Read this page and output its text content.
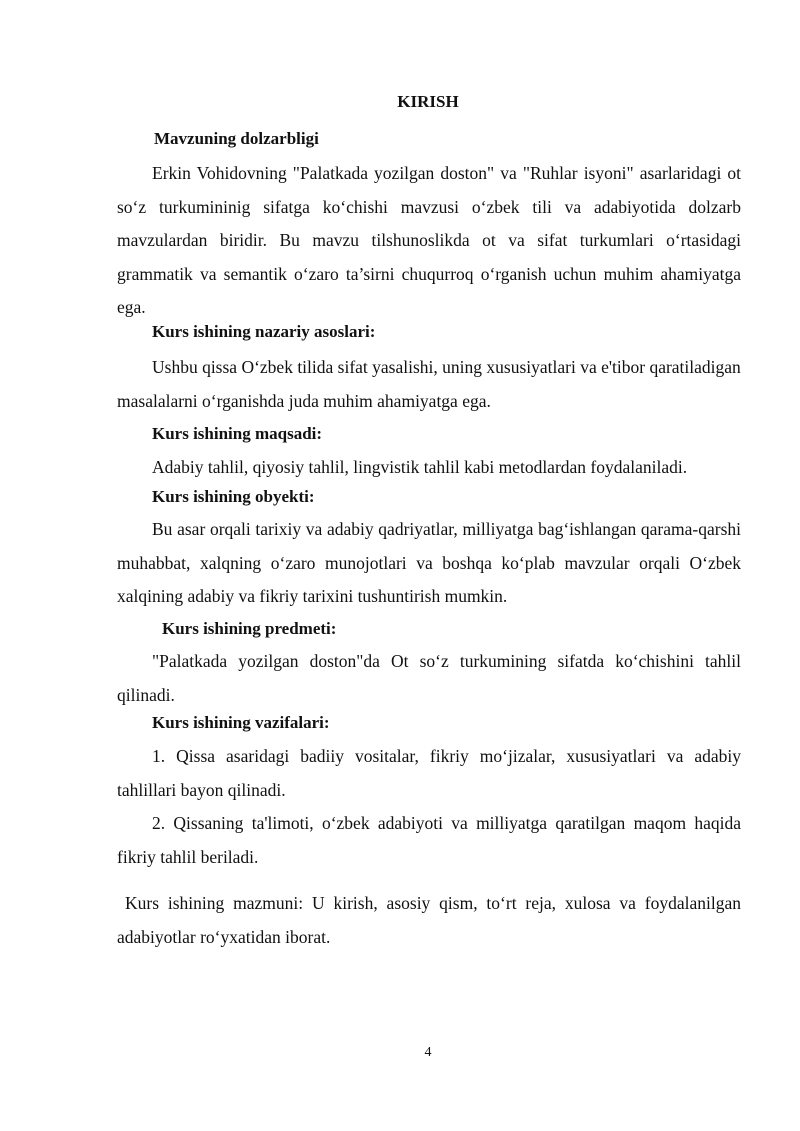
KIRISH
Mavzuning dolzarbligi

Erkin Vohidovning "Palatkada yozilgan doston" va "Ruhlar isyoni" asarlaridagi ot so‘z turkumininig sifatga ko‘chishi mavzusi o‘zbek tili va adabiyotida dolzarb mavzulardan biridir. Bu mavzu tilshunoslikda ot va sifat turkumlari o‘rtasidagi grammatik va semantik o‘zaro ta’sirni chuqurroq o‘rganish uchun muhim ahamiyatga ega.

Kurs ishining nazariy asoslari:

Ushbu qissa O‘zbek tilida sifat yasalishi, uning xususiyatlari va e'tibor qaratiladigan masalalarni o‘rganishda juda muhim ahamiyatga ega.

Kurs ishining maqsadi:

Adabiy tahlil, qiyosiy tahlil, lingvistik tahlil kabi metodlardan foydalaniladi.

Kurs ishining obyekti:

Bu asar orqali tarixiy va adabiy qadriyatlar, milliyatga bag‘ishlangan qarama-qarshi muhabbat, xalqning o‘zaro munojotlari va boshqa ko‘plab mavzular orqali O‘zbek xalqining adabiy va fikriy tarixini tushuntirish mumkin.

Kurs ishining predmeti:

"Palatkada yozilgan doston"da Ot so‘z turkumining sifatda ko‘chishini tahlil qilinadi.

Kurs ishining vazifalari:

1. Qissa asaridagi badiiy vositalar, fikriy mo‘jizalar, xususiyatlari va adabiy tahlillari bayon qilinadi.

2. Qissaning ta'limoti, o‘zbek adabiyoti va milliyatga qaratilgan maqom haqida fikriy tahlil beriladi.

Kurs ishining mazmuni: U kirish, asosiy qism, to‘rt reja, xulosa va foydalanilgan adabiyotlar ro‘yxatidan iborat.

4
